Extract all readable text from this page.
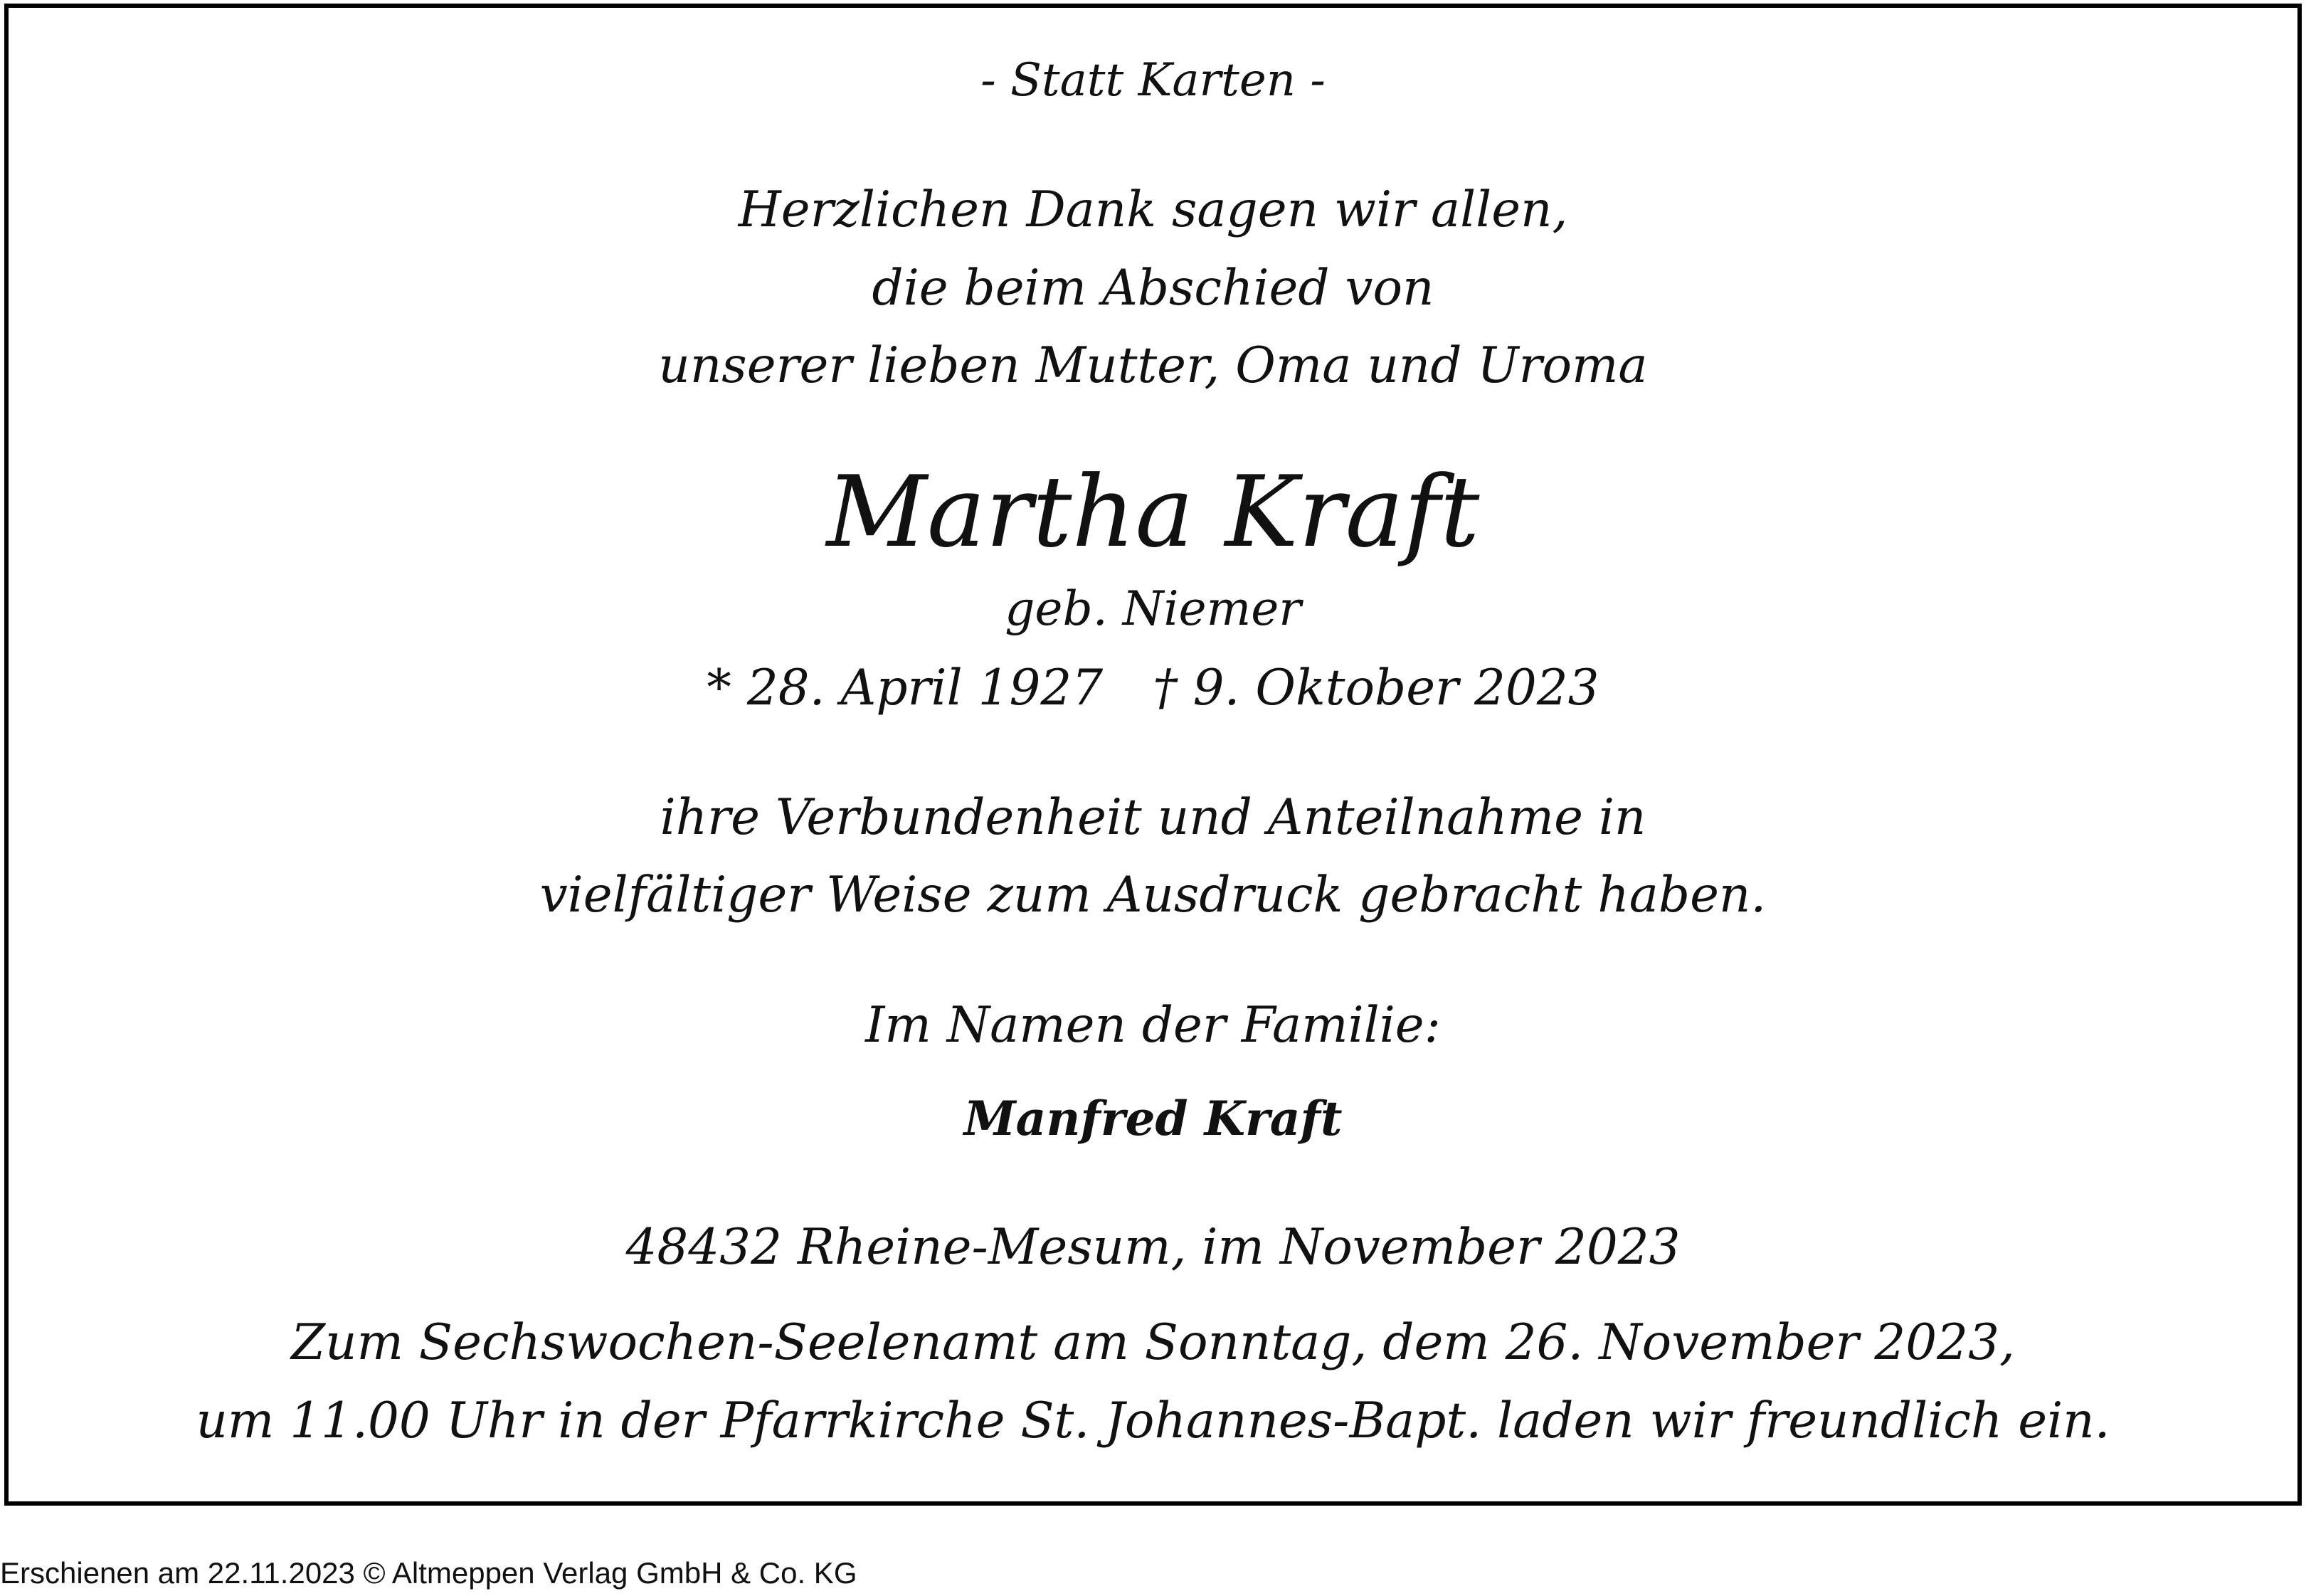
- Statt Karten -
Herzlichen Dank sagen wir allen,
die beim Abschied von
unserer lieben Mutter, Oma und Uroma
Martha Kraft
geb. Niemer
* 28. April 1927 † 9. Oktober 2023
ihre Verbundenheit und Anteilnahme in
vielfältiger Weise zum Ausdruck gebracht haben.
Im Namen der Familie:
Manfred Kraft
48432 Rheine-Mesum, im November 2023
Zum Sechswochen-Seelenamt am Sonntag, dem 26. November 2023,
um 11.00 Uhr in der Pfarrkirche St. Johannes-Bapt. laden wir freundlich ein.
Erschienen am 22.11.2023 © Altmeppen Verlag GmbH & Co. KG
